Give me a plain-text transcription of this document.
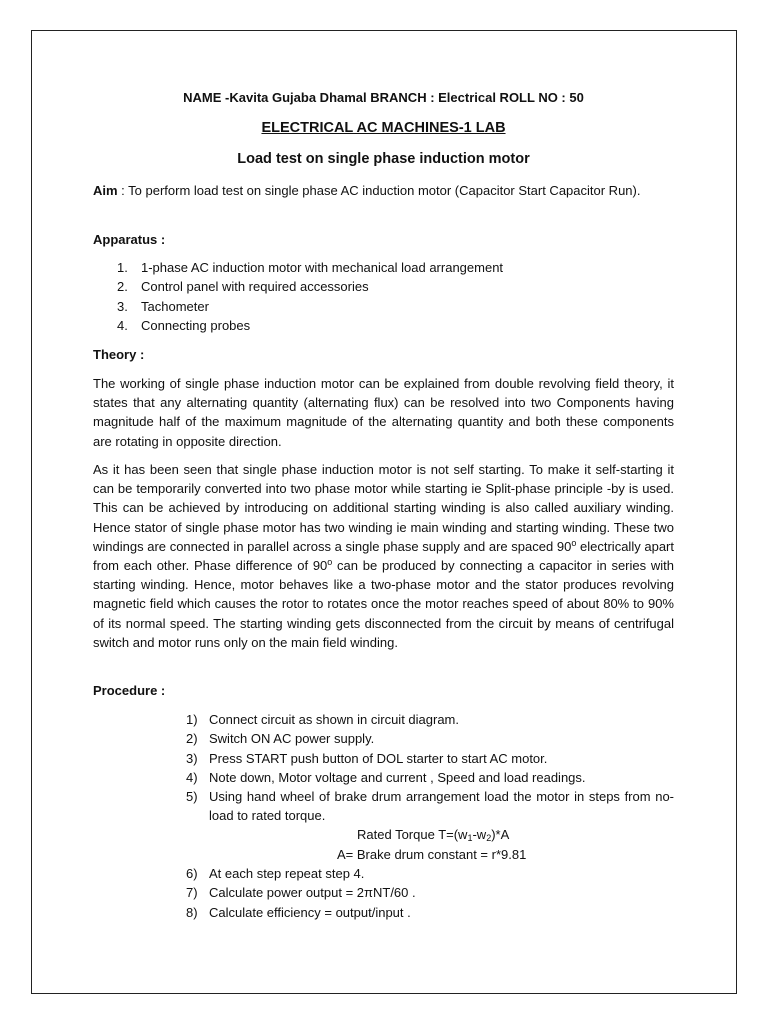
NAME -Kavita Gujaba Dhamal BRANCH : Electrical ROLL NO : 50
ELECTRICAL AC MACHINES-1 LAB
Load test on single phase induction motor
Aim : To perform load test on single phase AC induction motor (Capacitor Start Capacitor Run).
Apparatus :
1. 1-phase AC induction motor with mechanical load arrangement
2. Control panel with required accessories
3. Tachometer
4. Connecting probes
Theory :
The working of single phase induction motor can be explained from double revolving field theory, it states that any alternating quantity (alternating flux) can be resolved into two Components having magnitude half of the maximum magnitude of the alternating quantity and both these components are rotating in opposite direction.
As it has been seen that single phase induction motor is not self starting. To make it self-starting it can be temporarily converted into two phase motor while starting ie Split-phase principle -by is used. This can be achieved by introducing on additional starting winding is also called auxiliary winding. Hence stator of single phase motor has two winding ie main winding and starting winding. These two windings are connected in parallel across a single phase supply and are spaced 90$^o$ electrically apart from each other. Phase difference of 90$^o$ can be produced by connecting a capacitor in series with starting winding. Hence, motor behaves like a two-phase motor and the stator produces revolving magnetic field which causes the rotor to rotates once the motor reaches speed of about 80% to 90% of its normal speed. The starting winding gets disconnected from the circuit by means of centrifugal switch and motor runs only on the main field winding.
Procedure :
1) Connect circuit as shown in circuit diagram.
2) Switch ON AC power supply.
3) Press START push button of DOL starter to start AC motor.
4) Note down, Motor voltage and current , Speed and load readings.
5) Using hand wheel of brake drum arrangement load the motor in steps from no-load to rated torque.
Rated Torque $T=(w_1-w_2)*A$
A= Brake drum constant = r*9.81
6) At each step repeat step 4.
7) Calculate power output = 2πNT/60 .
8) Calculate efficiency = output/input .
